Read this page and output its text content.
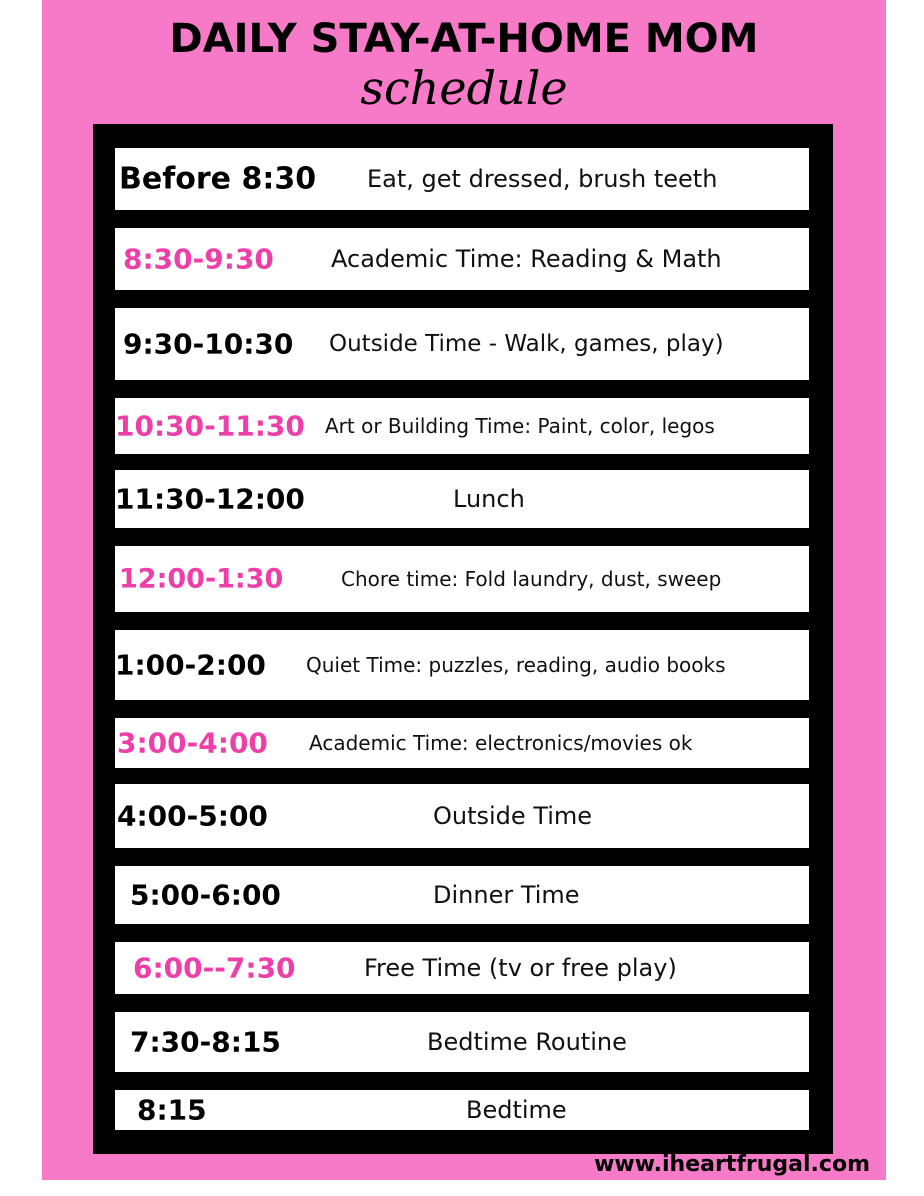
DAILY STAY-AT-HOME MOM
schedule
Before 8:30 Eat, get dressed, brush teeth
8:30-9:30 Academic Time: Reading & Math
9:30-10:30 Outside Time - Walk, games, play)
10:30-11:30 Art or Building Time: Paint, color, legos
11:30-12:00	Lunch
12:00-1:30	Chore time: Fold laundry, dust, sweep
1:00-2:00 Quiet Time: puzzles, reading, audio books
3:00-4:00 Academic Time: electronics/movies ok
4:00-5:00	Outside Time
5:00-6:00	Dinner Time
6:00--7:30	Free Time (tv or free play)
7:30-8:15	Bedtime Routine
8:15	Bedtime
www.iheartfrugal.com
